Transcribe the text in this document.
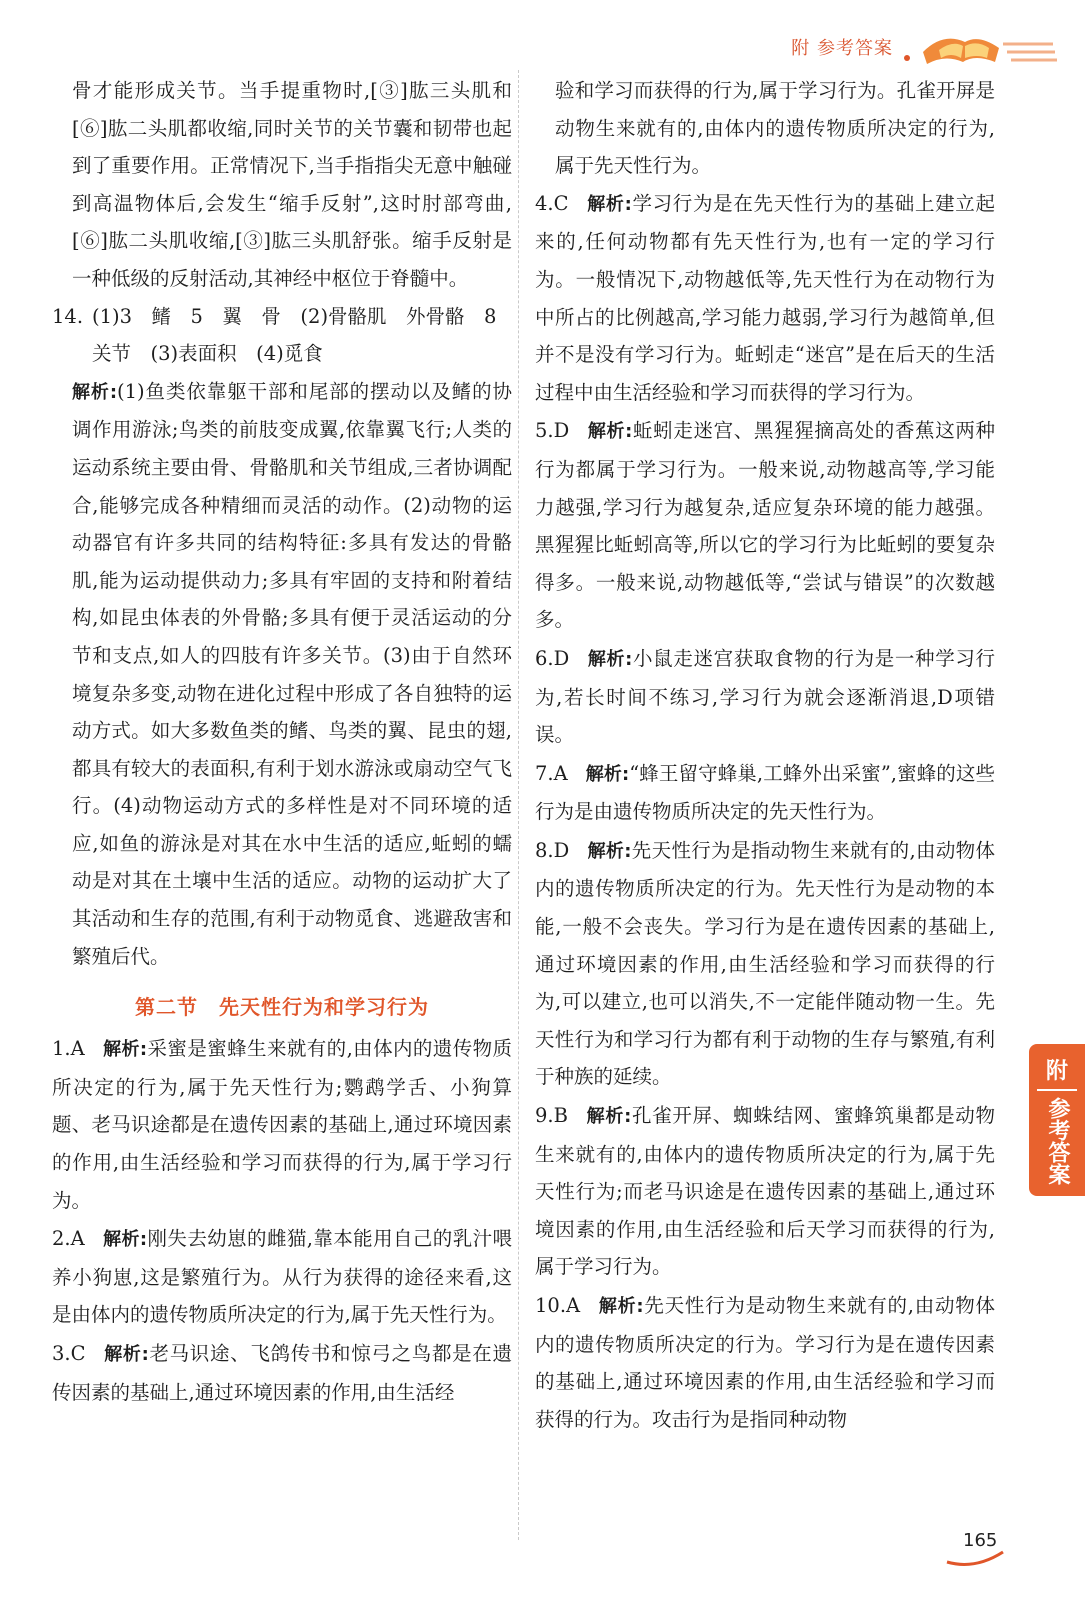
附 参考答案

骨才能形成关节。当手提重物时,[③]肱三头肌和[⑥]肱二头肌都收缩,同时关节的关节囊和韧带也起到了重要作用。正常情况下,当手指指尖无意中触碰到高温物体后,会发生“缩手反射”,这时肘部弯曲,[⑥]肱二头肌收缩,[③]肱三头肌舒张。缩手反射是一种低级的反射活动,其神经中枢位于脊髓中。

14. (1)3　鳍　5　翼　骨　(2)骨骼肌　外骨骼　8　关节　(3)表面积　(4)觅食

解析:(1)鱼类依靠躯干部和尾部的摆动以及鳍的协调作用游泳;鸟类的前肢变成翼,依靠翼飞行;人类的运动系统主要由骨、骨骼肌和关节组成,三者协调配合,能够完成各种精细而灵活的动作。(2)动物的运动器官有许多共同的结构特征:多具有发达的骨骼肌,能为运动提供动力;多具有牢固的支持和附着结构,如昆虫体表的外骨骼;多具有便于灵活运动的分节和支点,如人的四肢有许多关节。(3)由于自然环境复杂多变,动物在进化过程中形成了各自独特的运动方式。如大多数鱼类的鳍、鸟类的翼、昆虫的翅,都具有较大的表面积,有利于划水游泳或扇动空气飞行。(4)动物运动方式的多样性是对不同环境的适应,如鱼的游泳是对其在水中生活的适应,蚯蚓的蠕动是对其在土壤中生活的适应。动物的运动扩大了其活动和生存的范围,有利于动物觅食、逃避敌害和繁殖后代。

第二节　先天性行为和学习行为

1.A 解析:采蜜是蜜蜂生来就有的,由体内的遗传物质所决定的行为,属于先天性行为;鹦鹉学舌、小狗算题、老马识途都是在遗传因素的基础上,通过环境因素的作用,由生活经验和学习而获得的行为,属于学习行为。

2.A 解析:刚失去幼崽的雌猫,靠本能用自己的乳汁喂养小狗崽,这是繁殖行为。从行为获得的途径来看,这是由体内的遗传物质所决定的行为,属于先天性行为。

3.C 解析:老马识途、飞鸽传书和惊弓之鸟都是在遗传因素的基础上,通过环境因素的作用,由生活经

验和学习而获得的行为,属于学习行为。孔雀开屏是动物生来就有的,由体内的遗传物质所决定的行为,属于先天性行为。

4.C 解析:学习行为是在先天性行为的基础上建立起来的,任何动物都有先天性行为,也有一定的学习行为。一般情况下,动物越低等,先天性行为在动物行为中所占的比例越高,学习能力越弱,学习行为越简单,但并不是没有学习行为。蚯蚓走“迷宫”是在后天的生活过程中由生活经验和学习而获得的学习行为。

5.D 解析:蚯蚓走迷宫、黑猩猩摘高处的香蕉这两种行为都属于学习行为。一般来说,动物越高等,学习能力越强,学习行为越复杂,适应复杂环境的能力越强。黑猩猩比蚯蚓高等,所以它的学习行为比蚯蚓的要复杂得多。一般来说,动物越低等,“尝试与错误”的次数越多。

6.D 解析:小鼠走迷宫获取食物的行为是一种学习行为,若长时间不练习,学习行为就会逐渐消退,D项错误。

7.A 解析:“蜂王留守蜂巢,工蜂外出采蜜”,蜜蜂的这些行为是由遗传物质所决定的先天性行为。

8.D 解析:先天性行为是指动物生来就有的,由动物体内的遗传物质所决定的行为。先天性行为是动物的本能,一般不会丧失。学习行为是在遗传因素的基础上,通过环境因素的作用,由生活经验和学习而获得的行为,可以建立,也可以消失,不一定能伴随动物一生。先天性行为和学习行为都有利于动物的生存与繁殖,有利于种族的延续。

9.B 解析:孔雀开屏、蜘蛛结网、蜜蜂筑巢都是动物生来就有的,由体内的遗传物质所决定的行为,属于先天性行为;而老马识途是在遗传因素的基础上,通过环境因素的作用,由生活经验和后天学习而获得的行为,属于学习行为。

10.A 解析:先天性行为是动物生来就有的,由动物体内的遗传物质所决定的行为。学习行为是在遗传因素的基础上,通过环境因素的作用,由生活经验和学习而获得的行为。攻击行为是指同种动物

附
参考答案
165
